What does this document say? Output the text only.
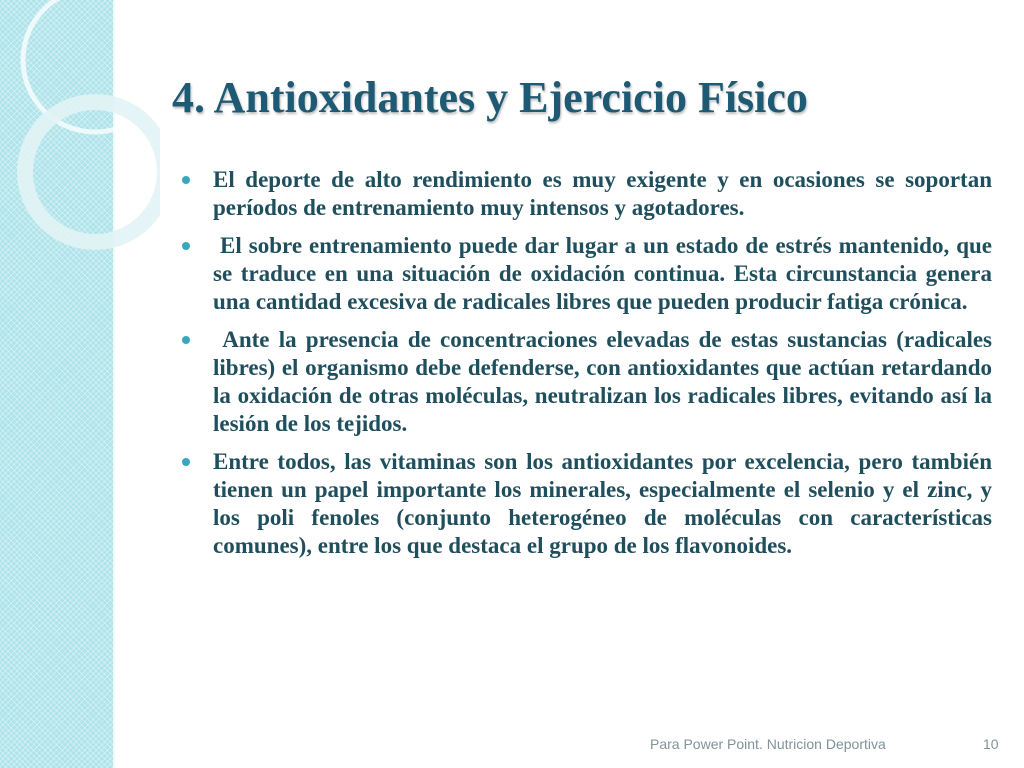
4. Antioxidantes y Ejercicio Físico
El deporte de alto rendimiento es muy exigente y en ocasiones se soportan períodos de entrenamiento muy intensos y agotadores.
El sobre entrenamiento puede dar lugar a un estado de estrés mantenido, que se traduce en una situación de oxidación continua. Esta circunstancia genera una cantidad excesiva de radicales libres que pueden producir fatiga crónica.
Ante la presencia de concentraciones elevadas de estas sustancias (radicales libres) el organismo debe defenderse, con antioxidantes que actúan retardando la oxidación de otras moléculas, neutralizan los radicales libres, evitando así la lesión de los tejidos.
Entre todos, las vitaminas son los antioxidantes por excelencia, pero también tienen un papel importante los minerales, especialmente el selenio y el zinc, y los poli fenoles (conjunto heterogéneo de moléculas con características comunes), entre los que destaca el grupo de los flavonoides.
Para Power Point. Nutricion Deportiva	10
